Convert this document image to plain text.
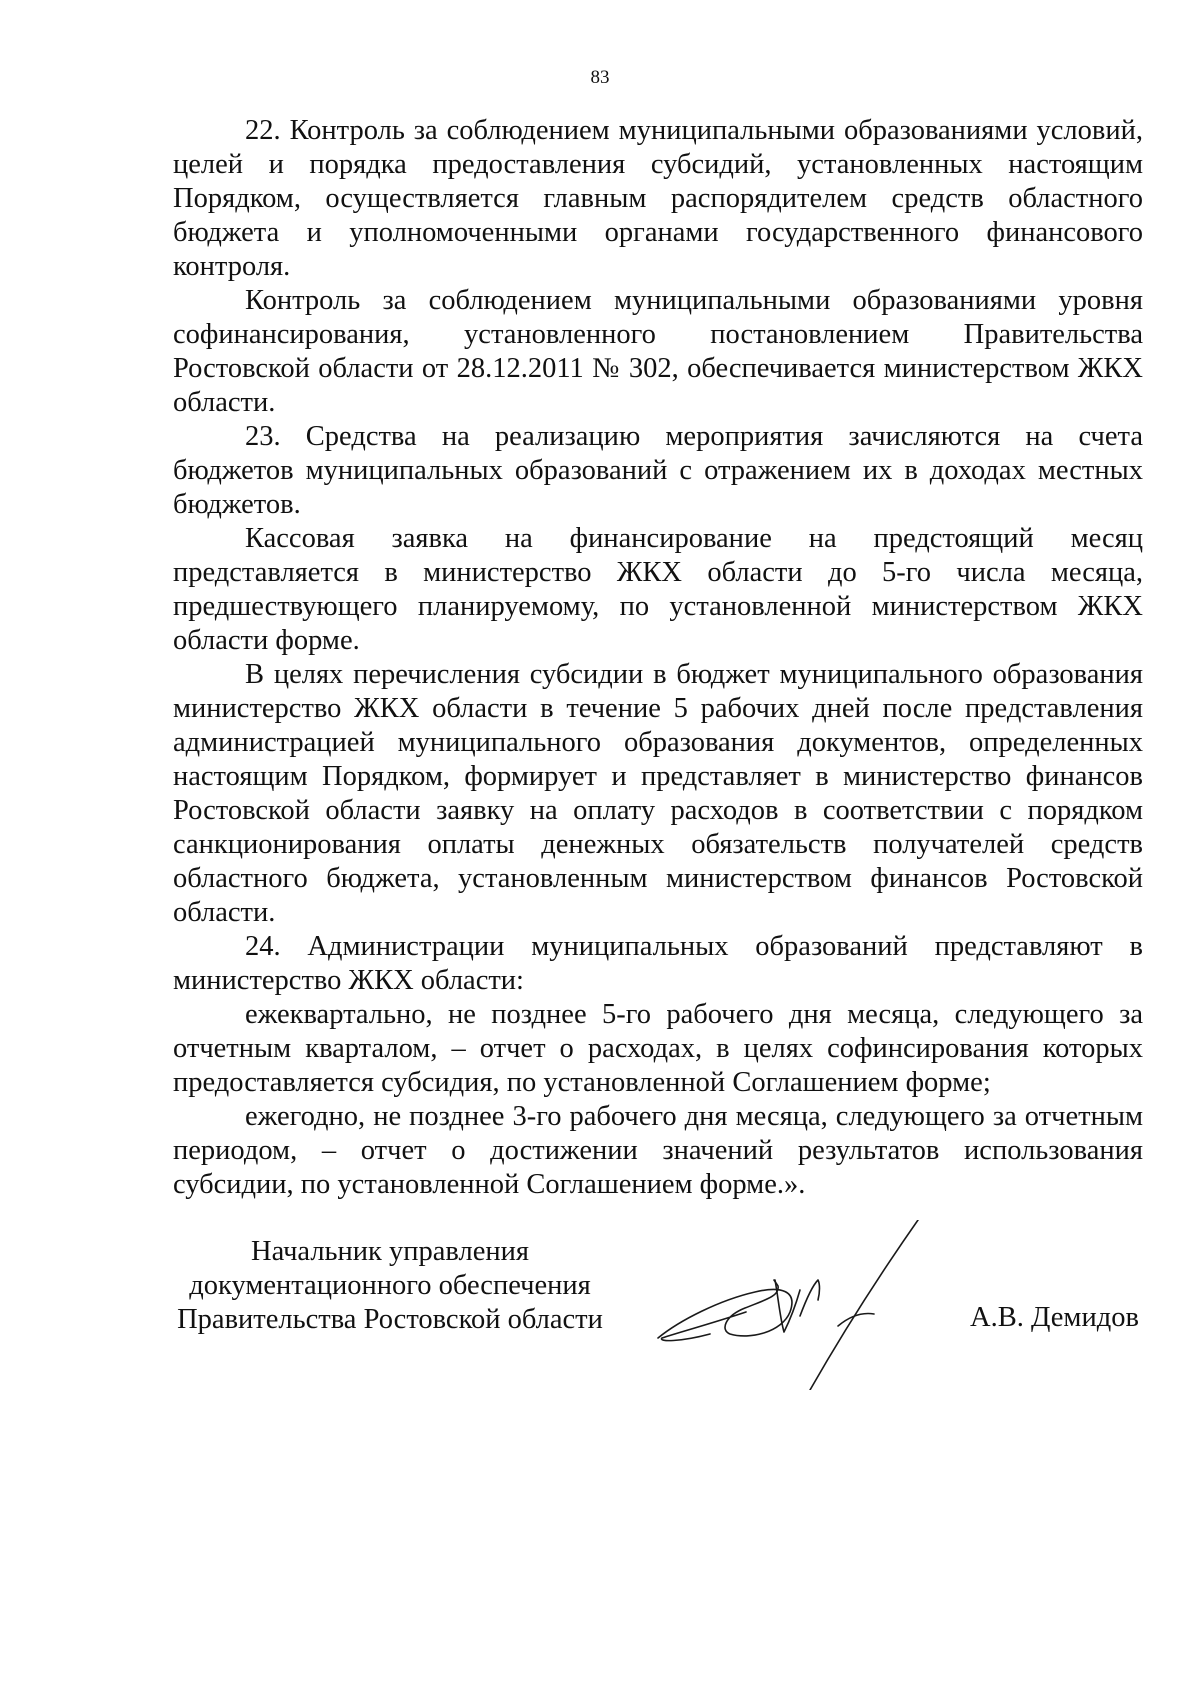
83

22. Контроль за соблюдением муниципальными образованиями условий, целей и порядка предоставления субсидий, установленных настоящим Порядком, осуществляется главным распорядителем средств областного бюджета и уполномоченными органами государственного финансового контроля.

Контроль за соблюдением муниципальными образованиями уровня софинансирования, установленного постановлением Правительства Ростовской области от 28.12.2011 № 302, обеспечивается министерством ЖКХ области.

23. Средства на реализацию мероприятия зачисляются на счета бюджетов муниципальных образований с отражением их в доходах местных бюджетов.

Кассовая заявка на финансирование на предстоящий месяц представляется в министерство ЖКХ области до 5-го числа месяца, предшествующего планируемому, по установленной министерством ЖКХ области форме.

В целях перечисления субсидии в бюджет муниципального образования министерство ЖКХ области в течение 5 рабочих дней после представления администрацией муниципального образования документов, определенных настоящим Порядком, формирует и представляет в министерство финансов Ростовской области заявку на оплату расходов в соответствии с порядком санкционирования оплаты денежных обязательств получателей средств областного бюджета, установленным министерством финансов Ростовской области.

24. Администрации муниципальных образований представляют в министерство ЖКХ области:

ежеквартально, не позднее 5-го рабочего дня месяца, следующего за отчетным кварталом, – отчет о расходах, в целях софинсирования которых предоставляется субсидия, по установленной Соглашением форме;

ежегодно, не позднее 3-го рабочего дня месяца, следующего за отчетным периодом, – отчет о достижении значений результатов использования субсидии, по установленной Соглашением форме.».

Начальник управления
документационного обеспечения
Правительства Ростовской области	А.В. Демидов
